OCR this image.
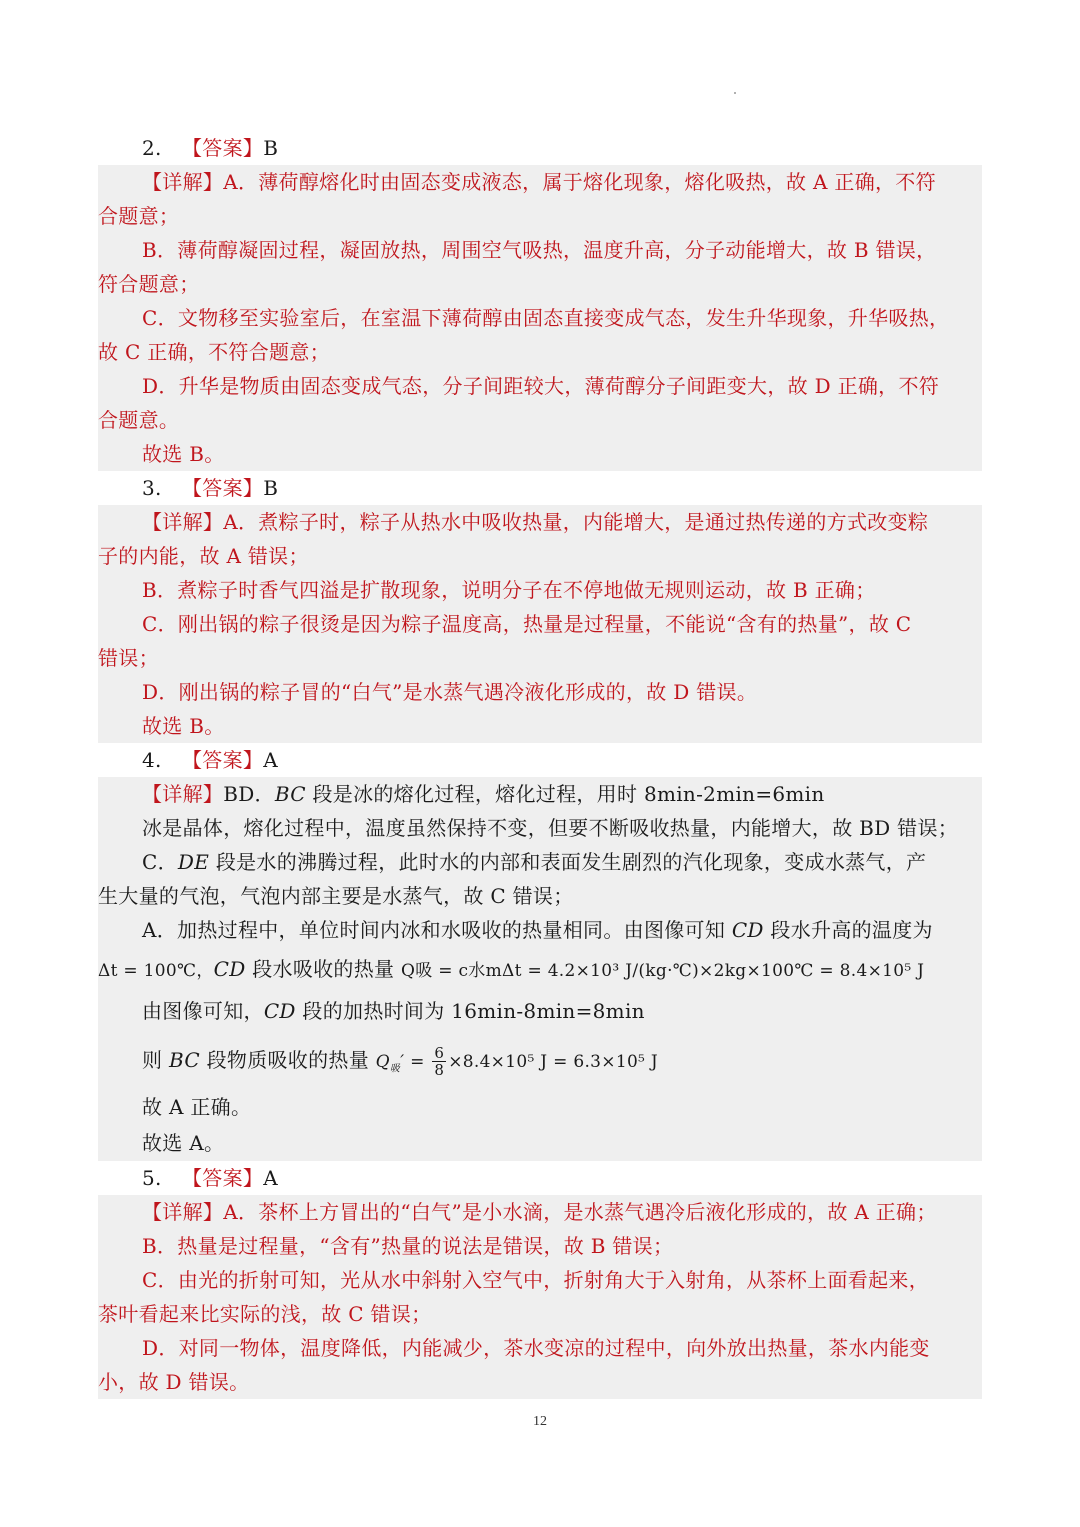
2. 【答案】B
【详解】A．薄荷醇熔化时由固态变成液态，属于熔化现象，熔化吸热，故 A 正确，不符
合题意；
B．薄荷醇凝固过程，凝固放热，周围空气吸热，温度升高，分子动能增大，故 B 错误，
符合题意；
C．文物移至实验室后，在室温下薄荷醇由固态直接变成气态，发生升华现象，升华吸热，
故 C 正确，不符合题意；
D．升华是物质由固态变成气态，分子间距较大，薄荷醇分子间距变大，故 D 正确，不符
合题意。
故选 B。
3. 【答案】B
【详解】A．煮粽子时，粽子从热水中吸收热量，内能增大，是通过热传递的方式改变粽
子的内能，故 A 错误；
B．煮粽子时香气四溢是扩散现象，说明分子在不停地做无规则运动，故 B 正确；
C．刚出锅的粽子很烫是因为粽子温度高，热量是过程量，不能说“含有的热量”，故 C
错误；
D．刚出锅的粽子冒的“白气”是水蒸气遇冷液化形成的，故 D 错误。
故选 B。
4. 【答案】A
【详解】BD．BC 段是冰的熔化过程，熔化过程，用时 8min-2min=6min
冰是晶体，熔化过程中，温度虽然保持不变，但要不断吸收热量，内能增大，故 BD 错误；
C．DE 段是水的沸腾过程，此时水的内部和表面发生剧烈的汽化现象，变成水蒸气，产
生大量的气泡，气泡内部主要是水蒸气，故 C 错误；
A．加热过程中，单位时间内冰和水吸收的热量相同。由图像可知 CD 段水升高的温度为
Δt = 100℃，CD 段水吸收的热量 Q吸 = c水mΔt = 4.2×10³ J/(kg·℃)×2kg×100℃ = 8.4×10⁵ J
由图像可知，CD 段的加热时间为 16min-8min=8min
则 BC 段物质吸收的热量 $Q_吸' = \frac{6}{8} \times 8.4\times 10^5$ J = 6.3×10⁵ J
故 A 正确。
故选 A。
5. 【答案】A
【详解】A．茶杯上方冒出的“白气”是小水滴，是水蒸气遇冷后液化形成的，故 A 正确；
B．热量是过程量，“含有”热量的说法是错误，故 B 错误；
C．由光的折射可知，光从水中斜射入空气中，折射角大于入射角，从茶杯上面看起来，
茶叶看起来比实际的浅，故 C 错误；
D．对同一物体，温度降低，内能减少，茶水变凉的过程中，向外放出热量，茶水内能变
小，故 D 错误。
12
